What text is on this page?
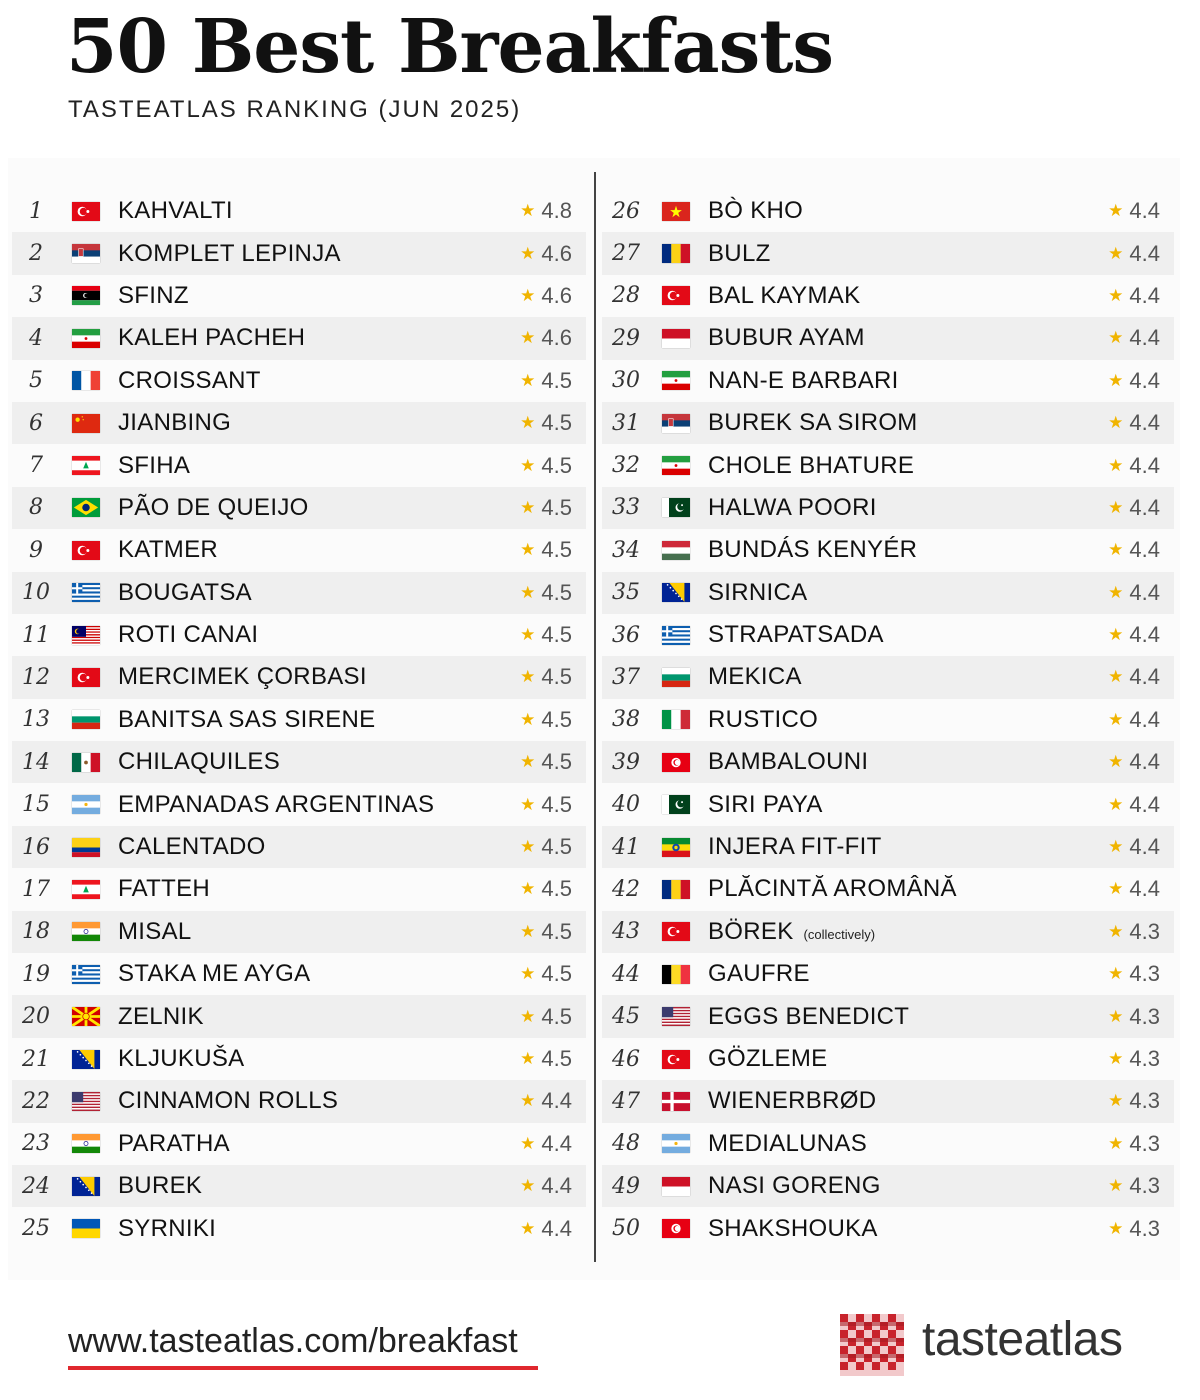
50 Best Breakfasts
TASTEATLAS RANKING (JUN 2025)
1	KAHVALTI	★ 4.8
2	KOMPLET LEPINJA	★ 4.6
3	SFINZ	★ 4.6
4	KALEH PACHEH	★ 4.6
5	CROISSANT	★ 4.5
6	JIANBING	★ 4.5
7	SFIHA	★ 4.5
8	PÃO DE QUEIJO	★ 4.5
9	KATMER	★ 4.5
10	BOUGATSA	★ 4.5
11	ROTI CANAI	★ 4.5
12	MERCIMEK ÇORBASI	★ 4.5
13	BANITSA SAS SIRENE	★ 4.5
14	CHILAQUILES	★ 4.5
15	EMPANADAS ARGENTINAS	★ 4.5
16	CALENTADO	★ 4.5
17	FATTEH	★ 4.5
18	MISAL	★ 4.5
19	STAKA ME AYGA	★ 4.5
20	ZELNIK	★ 4.5
21	KLJUKUŠA	★ 4.5
22	CINNAMON ROLLS	★ 4.4
23	PARATHA	★ 4.4
24	BUREK	★ 4.4
25	SYRNIKI	★ 4.4
26	BÒ KHO	★ 4.4
27	BULZ	★ 4.4
28	BAL KAYMAK	★ 4.4
29	BUBUR AYAM	★ 4.4
30	NAN-E BARBARI	★ 4.4
31	BUREK SA SIROM	★ 4.4
32	CHOLE BHATURE	★ 4.4
33	HALWA POORI	★ 4.4
34	BUNDÁS KENYÉR	★ 4.4
35	SIRNICA	★ 4.4
36	STRAPATSADA	★ 4.4
37	MEKICA	★ 4.4
38	RUSTICO	★ 4.4
39	BAMBALOUNI	★ 4.4
40	SIRI PAYA	★ 4.4
41	INJERA FIT-FIT	★ 4.4
42	PLĂCINTĂ AROMÂNĂ	★ 4.4
43	BÖREK (collectively)	★ 4.3
44	GAUFRE	★ 4.3
45	EGGS BENEDICT	★ 4.3
46	GÖZLEME	★ 4.3
47	WIENERBRØD	★ 4.3
48	MEDIALUNAS	★ 4.3
49	NASI GORENG	★ 4.3
50	SHAKSHOUKA	★ 4.3
www.tasteatlas.com/breakfast	tasteatlas
